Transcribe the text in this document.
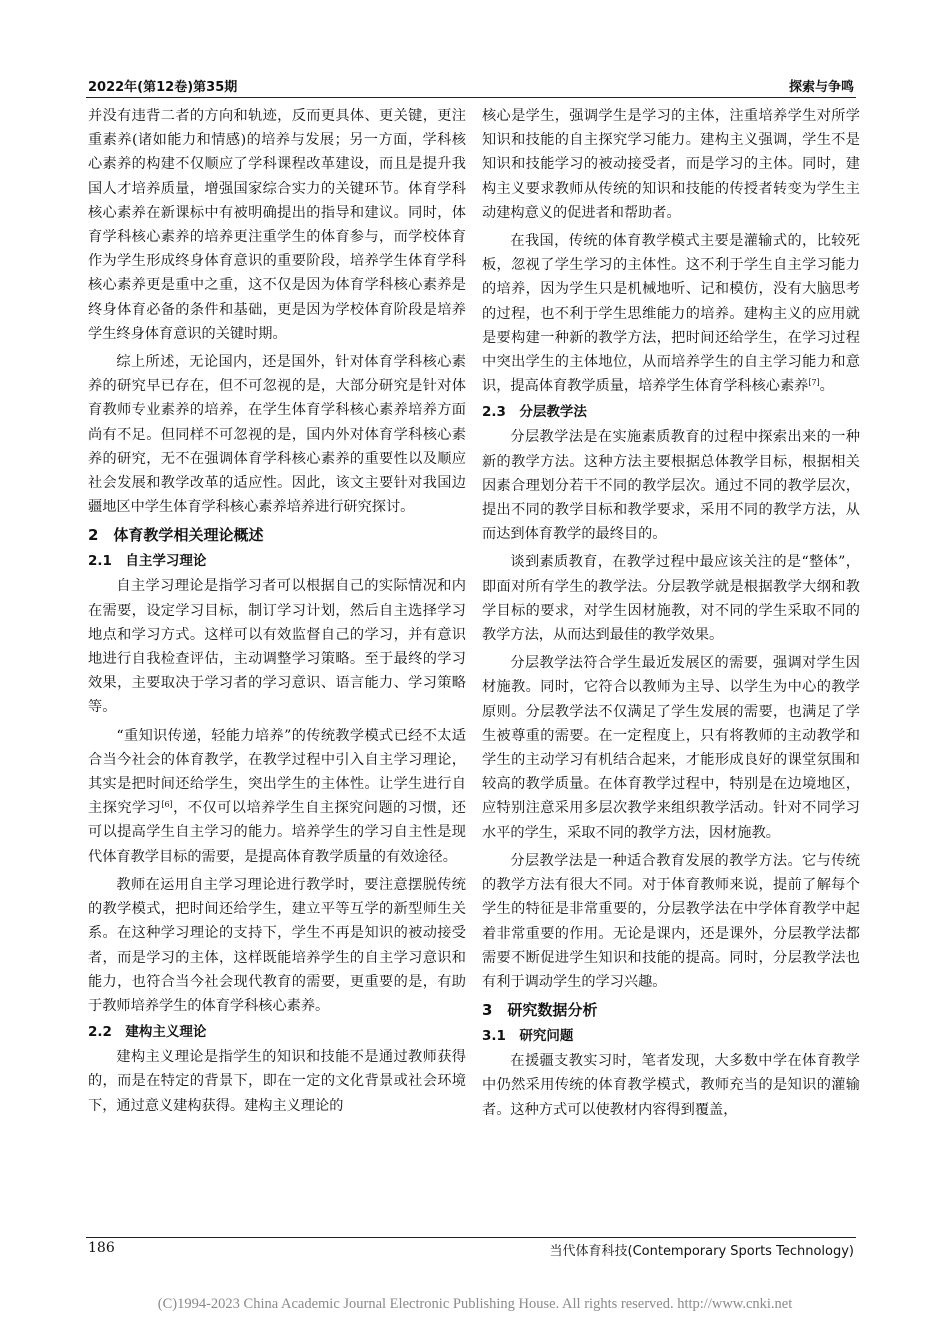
2022年(第12卷)第35期	探索与争鸣

并没有违背二者的方向和轨迹，反而更具体、更关键，更注重素养(诸如能力和情感)的培养与发展；另一方面，学科核心素养的构建不仅顺应了学科课程改革建设，而且是提升我国人才培养质量，增强国家综合实力的关键环节。体育学科核心素养在新课标中有被明确提出的指导和建议。同时，体育学科核心素养的培养更注重学生的体育参与，而学校体育作为学生形成终身体育意识的重要阶段，培养学生体育学科核心素养更是重中之重，这不仅是因为体育学科核心素养是终身体育必备的条件和基础，更是因为学校体育阶段是培养学生终身体育意识的关键时期。

综上所述，无论国内，还是国外，针对体育学科核心素养的研究早已存在，但不可忽视的是，大部分研究是针对体育教师专业素养的培养，在学生体育学科核心素养培养方面尚有不足。但同样不可忽视的是，国内外对体育学科核心素养的研究，无不在强调体育学科核心素养的重要性以及顺应社会发展和教学改革的适应性。因此，该文主要针对我国边疆地区中学生体育学科核心素养培养进行研究探讨。

2　体育教学相关理论概述
2.1　自主学习理论

自主学习理论是指学习者可以根据自己的实际情况和内在需要，设定学习目标，制订学习计划，然后自主选择学习地点和学习方式。这样可以有效监督自己的学习，并有意识地进行自我检查评估，主动调整学习策略。至于最终的学习效果，主要取决于学习者的学习意识、语言能力、学习策略等。

“重知识传递，轻能力培养”的传统教学模式已经不太适合当今社会的体育教学，在教学过程中引入自主学习理论，其实是把时间还给学生，突出学生的主体性。让学生进行自主探究学习[6]，不仅可以培养学生自主探究问题的习惯，还可以提高学生自主学习的能力。培养学生的学习自主性是现代体育教学目标的需要，是提高体育教学质量的有效途径。

教师在运用自主学习理论进行教学时，要注意摆脱传统的教学模式，把时间还给学生，建立平等互学的新型师生关系。在这种学习理论的支持下，学生不再是知识的被动接受者，而是学习的主体，这样既能培养学生的自主学习意识和能力，也符合当今社会现代教育的需要，更重要的是，有助于教师培养学生的体育学科核心素养。

2.2　建构主义理论

建构主义理论是指学生的知识和技能不是通过教师获得的，而是在特定的背景下，即在一定的文化背景或社会环境下，通过意义建构获得。建构主义理论的

核心是学生，强调学生是学习的主体，注重培养学生对所学知识和技能的自主探究学习能力。建构主义强调，学生不是知识和技能学习的被动接受者，而是学习的主体。同时，建构主义要求教师从传统的知识和技能的传授者转变为学生主动建构意义的促进者和帮助者。

在我国，传统的体育教学模式主要是灌输式的，比较死板，忽视了学生学习的主体性。这不利于学生自主学习能力的培养，因为学生只是机械地听、记和模仿，没有大脑思考的过程，也不利于学生思维能力的培养。建构主义的应用就是要构建一种新的教学方法，把时间还给学生，在学习过程中突出学生的主体地位，从而培养学生的自主学习能力和意识，提高体育教学质量，培养学生体育学科核心素养[7]。

2.3　分层教学法

分层教学法是在实施素质教育的过程中探索出来的一种新的教学方法。这种方法主要根据总体教学目标，根据相关因素合理划分若干不同的教学层次。通过不同的教学层次，提出不同的教学目标和教学要求，采用不同的教学方法，从而达到体育教学的最终目的。

谈到素质教育，在教学过程中最应该关注的是“整体”，即面对所有学生的教学法。分层教学就是根据教学大纲和教学目标的要求，对学生因材施教，对不同的学生采取不同的教学方法，从而达到最佳的教学效果。

分层教学法符合学生最近发展区的需要，强调对学生因材施教。同时，它符合以教师为主导、以学生为中心的教学原则。分层教学法不仅满足了学生发展的需要，也满足了学生被尊重的需要。在一定程度上，只有将教师的主动教学和学生的主动学习有机结合起来，才能形成良好的课堂氛围和较高的教学质量。在体育教学过程中，特别是在边境地区，应特别注意采用多层次教学来组织教学活动。针对不同学习水平的学生，采取不同的教学方法，因材施教。

分层教学法是一种适合教育发展的教学方法。它与传统的教学方法有很大不同。对于体育教师来说，提前了解每个学生的特征是非常重要的，分层教学法在中学体育教学中起着非常重要的作用。无论是课内，还是课外，分层教学法都需要不断促进学生知识和技能的提高。同时，分层教学法也有利于调动学生的学习兴趣。

3　研究数据分析
3.1　研究问题

在援疆支教实习时，笔者发现，大多数中学在体育教学中仍然采用传统的体育教学模式，教师充当的是知识的灌输者。这种方式可以使教材内容得到覆盖，

186	当代体育科技(Contemporary Sports Technology)
(C)1994-2023 China Academic Journal Electronic Publishing House. All rights reserved. http://www.cnki.net
